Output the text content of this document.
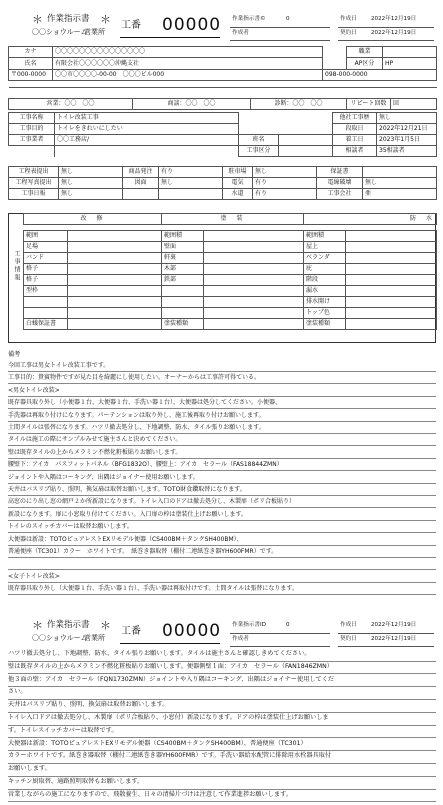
＊ 作業指示書 ＊
〇〇ショウルーム
営業所
工番 00000 作業指示書©	0
作成者
作成日	2022年12月19日
契約日	2022年12月19日
カナ	〇〇〇〇〇〇〇〇〇〇〇〇〇〇〇		職業	
氏名	有限会社〇〇〇〇〇〇沖縄支社		AP区分	HP
〒000-0000	〇〇市〇〇〇〇-00-00　〇〇〇ビル000	098-000-0000		

営業：〇〇　〇〇	商談：〇〇　〇〇	診断：〇〇　〇〇	リピート回数	回
工事名称	トイレ改装工事			他社工事歴	無し
工事目的	トイレをきれいにしたい			段取日	2022年12月21日
工事業者	〇〇工務店/	班名		着工日	2023年1月5日
		工事区分		相談者	35相談者
工程表提出	無し	商品発注	有り	駐車場	無し	保証書	
工程写真提出	無し	図面	無し	電気	有り	電線破壊	無し
工事日報	無し			水道	有り	工事会社	亜
工事情報
改　修		塗　装		防　水	

範囲		範囲積		範囲積	
足場		壁面		屋上	
バンド		軒裏		ベランダ	
格子		木部		庇	
格子		鉄部		階段	
型枠				漏水	
				排水開け	
				トップ色	
白蟻保証書		塗装種類		塗装種類	
備考
今回工事は男女トイレ改装工事です。
工事目的：貴賓物件ですが見た目を綺麗にし使用したい。オーナーからは工事許可得ている。
<男女トイレ改装>
既存器具取り外し（小便器１台、大便器１台、手洗い器１台）、大便器は処分してください。小便器、
手洗器は再取り付けになります。パーテンションは取り外し、施工後再取り付けお願いします。
土間タイルは張替になります。ハツリ撤去処分し、下地調整、防水、タイル張りお願いします。
タイルは施工の際にサンプルみせて施主さんと決めてください。
壁は既存タイルの上からメラミン不燃化粧板貼りお願いします。
腰壁下：アイカ　パスフィットパネル（BFG1832O）、腰壁上：アイカ　セラール（FAS18844ZMN）
ジョイントや入隅はコーキング、出隅はジョイナー使用お願いします。
天井はバスリブ貼り、照明、換気扇は取替お願いします。TOTO財食鑽取替になります。
高窓のにり出し窓の網戸２か所新設になります。トイレ入口のドアは撤去処分し、木製扉（ポリ合板貼り）
新設になります。扉に小窓取り付けてください。入口扉の枠は塗装仕上げお願いします。
トイレのスイッチカバーは取替お願いします。
大便器は新設：TOTOピュアレストEXリモデル便器（CS400BM＋タンクSH400BM）、
普通便座（TC301）カラー　ホワイトです。　紙巻き器取替（棚付二連紙巻き器YH600FMR）です。
<女子トイレ改装>
既存器具取り外し（大便器１台、手洗い器１台）、手洗い器は再取付けです。土間タイルは張替になります。
＊ 作業指示書 ＊
〇〇ショウルーム
営業所
工番 00000 作業指示書ID	0
作成者
作成日	2022年12月19日
契約日	2022年12月19日
ハツリ撤去処分し、下地調整、防水、タイル張りお願いします。タイルは施主さんと確認しきめてください。
壁は既存タイルの上からメラミン不燃化粧板貼りお願いします。便器側壁１面：アイカ　セラール（FAN1846ZMN）
他３面の壁：アイカ　セラール（FQN1730ZMN）ジョイントや入り隅はコーキング、出隅はジョイナー使用してくだ
さい。
天井はバスリブ貼り、照明、換気扇は取替お願いします。
トイレ入口ドアは撤去処分し、木製扉（ポリ合板貼り、小窓付）新設になります。ドアの枠は塗装仕上げお願いしま
す。トイレスイッチカバーは取替です。
大便器は新設：TOTOピュアレストEXリモデル便器（CS400BM＋タンクSH400BM）、普通便座（TC301）
カラーホワイトです。紙巻き器取替（棚付二連紙巻き器YH600FMR）です。手洗い器給水配管に排除用水栓器具取付
お願いします。
キッチン厨取替、通路照明取替もお願いします。
営業しながらの施工になりますので、飛散養生、日々の清掃片づけは注意して作業進捗お願いします。
